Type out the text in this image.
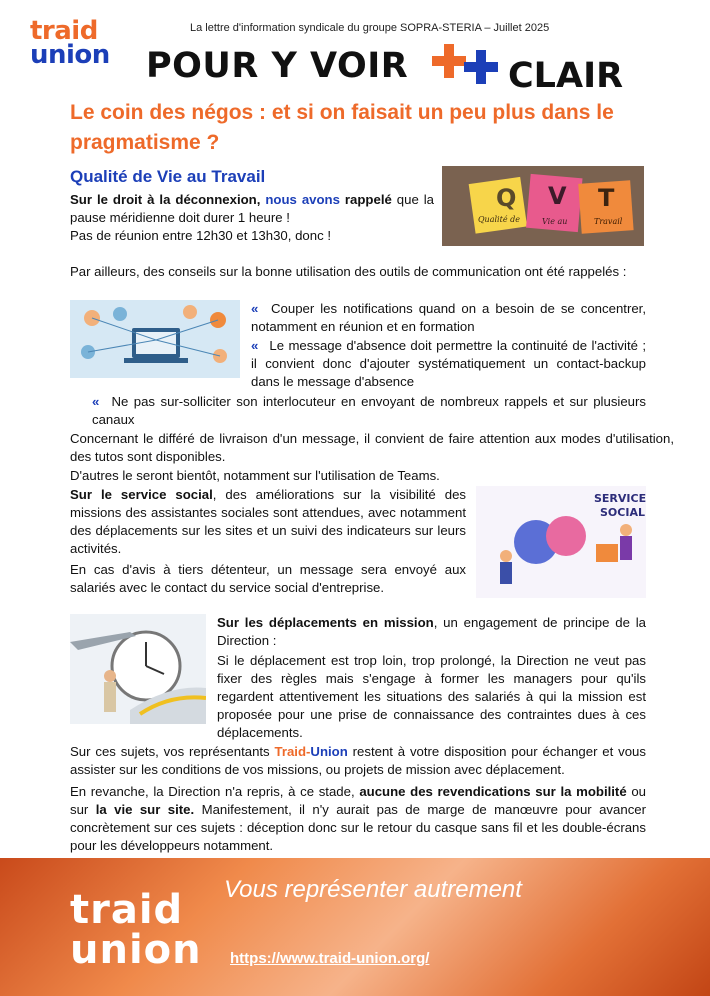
traid
union
La lettre d'information syndicale du groupe SOPRA-STERIA – Juillet 2025
POUR Y VOIR	CLAIR
Le coin des négos : et si on faisait un peu plus dans le pragmatisme ?
Qualité de Vie au Travail
Sur le droit à la déconnexion, nous avons rappelé que la pause méridienne doit durer 1 heure !
Pas de réunion entre 12h30 et 13h30, donc !
Q V T
Qualité de	Vie au	Travail
Par ailleurs, des conseils sur la bonne utilisation des outils de communication ont été rappelés :
« Couper les notifications quand on a besoin de se concentrer, notamment en réunion et en formation
« Le message d'absence doit permettre la continuité de l'activité ; il convient donc d'ajouter systématiquement un contact-backup dans le message d'absence
« Ne pas sur-solliciter son interlocuteur en envoyant de nombreux rappels et sur plusieurs canaux
Concernant le différé de livraison d'un message, il convient de faire attention aux modes d'utilisation, des tutos sont disponibles.
D'autres le seront bientôt, notamment sur l'utilisation de Teams.
Sur le service social, des améliorations sur la visibilité des missions des assistantes sociales sont attendues, avec notamment des déplacements sur les sites et un suivi des indicateurs sur leurs activités.
En cas d'avis à tiers détenteur, un message sera envoyé aux salariés avec le contact du service social d'entreprise.
SERVICE
SOCIAL
Sur les déplacements en mission, un engagement de principe de la Direction :
Si le déplacement est trop loin, trop prolongé, la Direction ne veut pas fixer des règles mais s'engage à former les managers pour qu'ils regardent attentivement les situations des salariés à qui la mission est proposée pour une prise de connaissance des contraintes dues à ces déplacements.
Sur ces sujets, vos représentants Traid-Union restent à votre disposition pour échanger et vous assister sur les conditions de vos missions, ou projets de mission avec déplacement.
En revanche, la Direction n'a repris, à ce stade, aucune des revendications sur la mobilité ou sur la vie sur site. Manifestement, il n'y aurait pas de marge de manœuvre pour avancer concrètement sur ces sujets : déception donc sur le retour du casque sans fil et les double-écrans pour les développeurs notamment.
traid
union
Vous représenter autrement
https://www.traid-union.org/
